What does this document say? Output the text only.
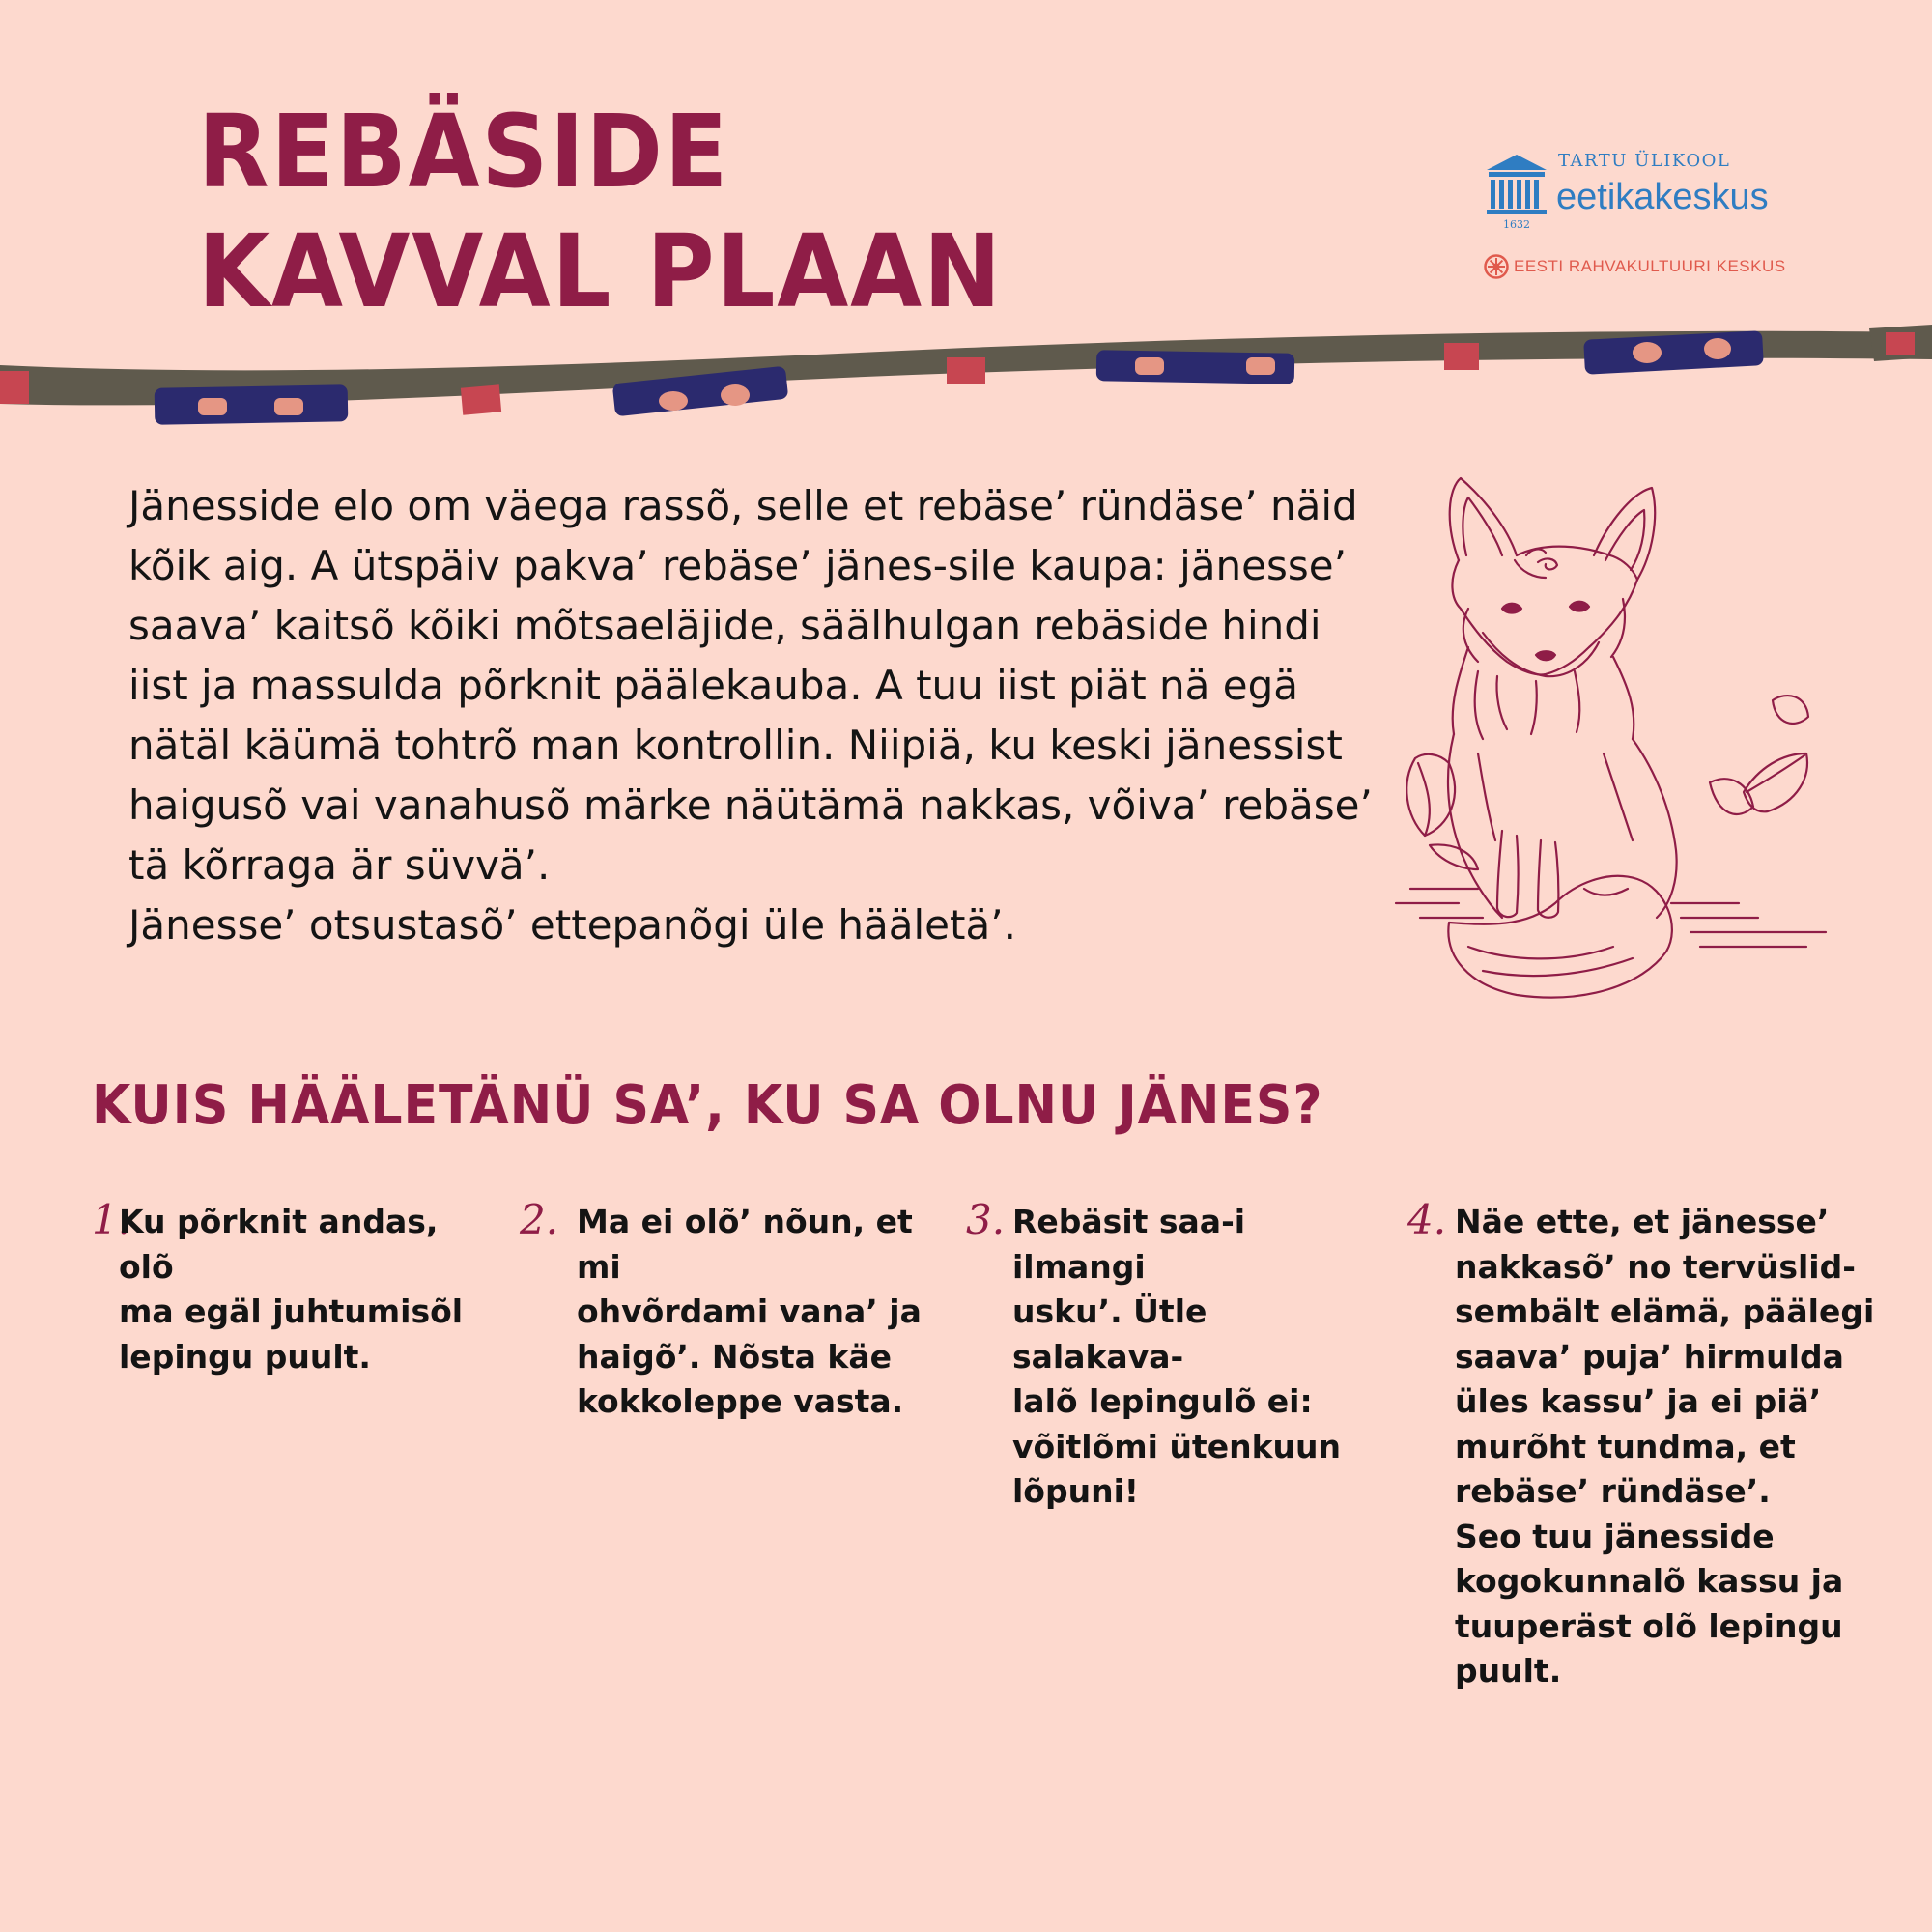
REBÄSIDE
KAVVAL PLAAN	1632
TARTU ÜLIKOOL
eetikakeskus
EESTI RAHVAKULTUURI KESKUS

Jänesside elo om väega rassõ, selle et rebäse’ ründäse’ näid kõik aig. A ütspäiv pakva’ rebäse’ jänes-sile kaupa: jänesse’ saava’ kaitsõ kõiki mõtsaeläjide, säälhulgan rebäside hindi iist ja massulda põrknit päälekauba. A tuu iist piät nä egä nätäl käümä tohtrõ man kontrollin. Niipiä, ku keski jänessist haigusõ vai vanahusõ märke näütämä nakkas, võiva’ rebäse’ tä kõrraga är süvvä’.

Jänesse’ otsustasõ’ ettepanõgi üle hääletä’.

KUIS HÄÄLETÄNÜ SA’, KU SA OLNU JÄNES?
1.
Ku põrknit andas, olõ
ma egäl juhtumisõl
lepingu puult.
2. Ma ei olõ’ nõun, et mi
ohvõrdami vana’ ja
haigõ’. Nõsta käe
kokkoleppe vasta.
3. Rebäsit saa-i ilmangi
usku’. Ütle salakava-
lalõ lepingulõ ei:
võitlõmi ütenkuun
lõpuni!
4. Näe ette, et jänesse’
nakkasõ’ no tervüslid-
sembält elämä, päälegi
saava’ puja’ hirmulda
üles kassu’ ja ei piä’
murõht tundma, et
rebäse’ ründäse’.
Seo tuu jänesside
kogokunnalõ kassu ja
tuuperäst olõ lepingu
puult.
